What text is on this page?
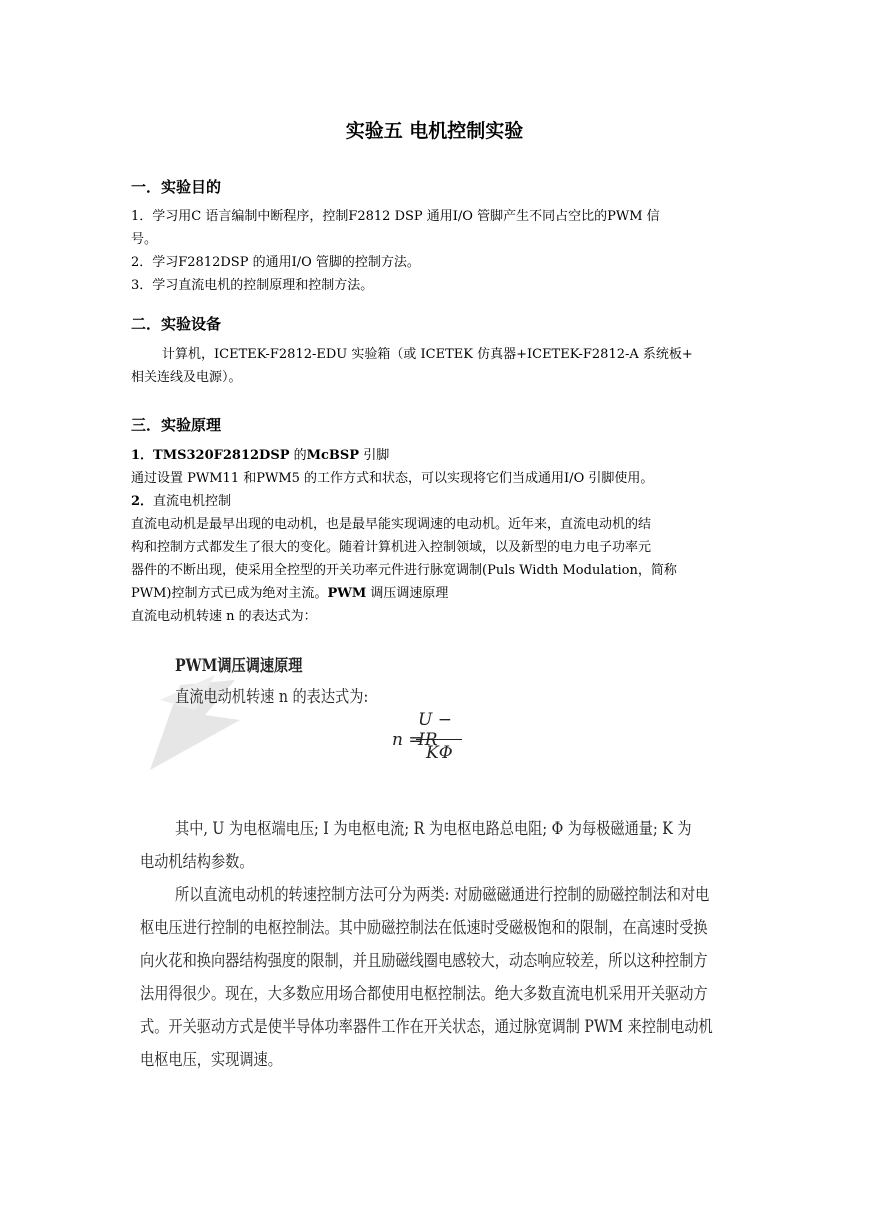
实验五 电机控制实验
一．实验目的
1．学习用C 语言编制中断程序，控制F2812 DSP 通用I/O 管脚产生不同占空比的PWM 信
号。
2．学习F2812DSP 的通用I/O 管脚的控制方法。
3．学习直流电机的控制原理和控制方法。
二．实验设备
计算机，ICETEK-F2812-EDU 实验箱（或 ICETEK 仿真器+ICETEK-F2812-A 系统板+
相关连线及电源）。
三．实验原理
1．TMS320F2812DSP 的McBSP 引脚
通过设置 PWM11 和PWM5 的工作方式和状态，可以实现将它们当成通用I/O 引脚使用。
2．直流电机控制
直流电动机是最早出现的电动机，也是最早能实现调速的电动机。近年来，直流电动机的结
构和控制方式都发生了很大的变化。随着计算机进入控制领域，以及新型的电力电子功率元
器件的不断出现，使采用全控型的开关功率元件进行脉宽调制(Puls Width Modulation，简称
PWM)控制方式已成为绝对主流。PWM 调压调速原理
直流电动机转速 n 的表达式为：
PWM调压调速原理
直流电动机转速 n 的表达式为:
n =
U − IR
KΦ
其中, U 为电枢端电压; I 为电枢电流; R 为电枢电路总电阻; Φ 为每极磁通量; K 为
电动机结构参数。
所以直流电动机的转速控制方法可分为两类: 对励磁磁通进行控制的励磁控制法和对电
枢电压进行控制的电枢控制法。其中励磁控制法在低速时受磁极饱和的限制，在高速时受换
向火花和换向器结构强度的限制，并且励磁线圈电感较大，动态响应较差，所以这种控制方
法用得很少。现在，大多数应用场合都使用电枢控制法。绝大多数直流电机采用开关驱动方
式。开关驱动方式是使半导体功率器件工作在开关状态，通过脉宽调制 PWM 来控制电动机
电枢电压，实现调速。
